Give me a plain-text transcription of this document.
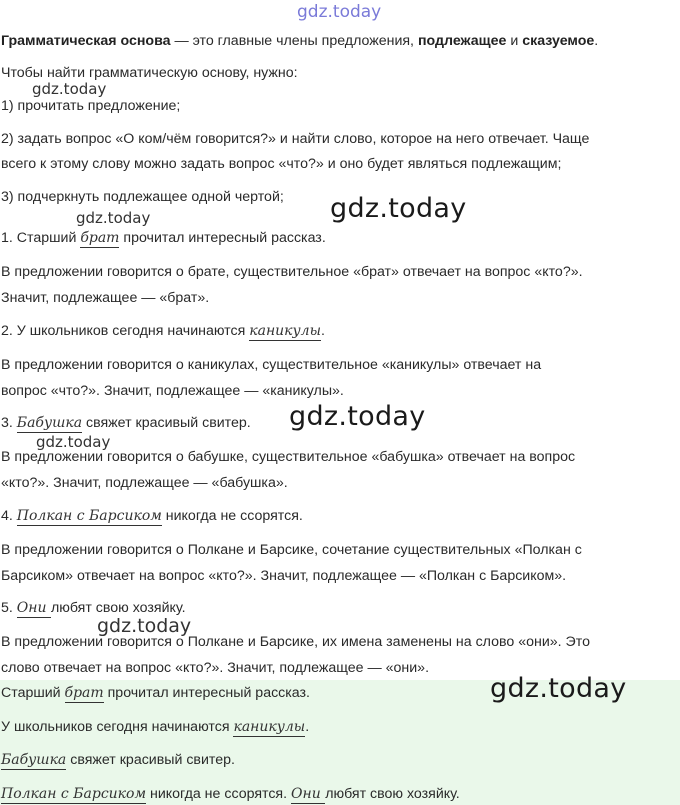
gdz.today
gdz.today
gdz.today
gdz.today
gdz.today
gdz.today
gdz.today
gdz.today
Грамматическая основа — это главные члены предложения, подлежащее и сказуемое.
Чтобы найти грамматическую основу, нужно:
1) прочитать предложение;
2) задать вопрос «О ком/чём говорится?» и найти слово, которое на него отвечает. Чаще
всего к этому слову можно задать вопрос «что?» и оно будет являться подлежащим;
3) подчеркнуть подлежащее одной чертой;
1. Старший брат прочитал интересный рассказ.
В предложении говорится о брате, существительное «брат» отвечает на вопрос «кто?».
Значит, подлежащее — «брат».
2. У школьников сегодня начинаются каникулы.
В предложении говорится о каникулах, существительное «каникулы» отвечает на
вопрос «что?». Значит, подлежащее — «каникулы».
3. Бабушка свяжет красивый свитер.
В предложении говорится о бабушке, существительное «бабушка» отвечает на вопрос
«кто?». Значит, подлежащее — «бабушка».
4. Полкан с Барсиком никогда не ссорятся.
В предложении говорится о Полкане и Барсике, сочетание существительных «Полкан с
Барсиком» отвечает на вопрос «кто?». Значит, подлежащее — «Полкан с Барсиком».
5. Они любят свою хозяйку.
В предложении говорится о Полкане и Барсике, их имена заменены на слово «они». Это
слово отвечает на вопрос «кто?». Значит, подлежащее — «они».
Старший брат прочитал интересный рассказ.
У школьников сегодня начинаются каникулы.
Бабушка свяжет красивый свитер.
Полкан с Барсиком никогда не ссорятся. Они любят свою хозяйку.
